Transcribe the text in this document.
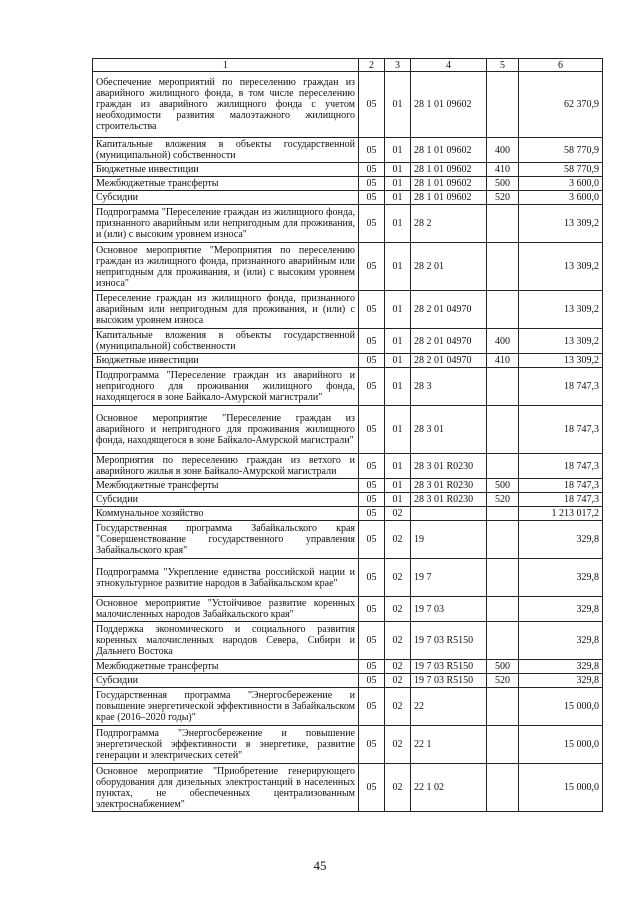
1	2	3	4	5	6
Обеспечение мероприятий по переселению граждан из аварийного жилищного фонда, в том числе переселению граждан из аварийного жилищного фонда с учетом необходимости развития малоэтажного жилищного строительства	05	01	28 1 01 09602		62 370,9
Капитальные вложения в объекты государственной (муниципальной) собственности	05	01	28 1 01 09602	400	58 770,9
Бюджетные инвестиции	05	01	28 1 01 09602	410	58 770,9
Межбюджетные трансферты	05	01	28 1 01 09602	500	3 600,0
Субсидии	05	01	28 1 01 09602	520	3 600,0
Подпрограмма "Переселение граждан из жилищного фонда, признанного аварийным или непригодным для проживания, и (или) с высоким уровнем износа"	05	01	28 2		13 309,2
Основное мероприятие "Мероприятия по переселению граждан из жилищного фонда, признанного аварийным или непригодным для проживания, и (или) с высоким уровнем износа"	05	01	28 2 01		13 309,2
Переселение граждан из жилищного фонда, признанного аварийным или непригодным для проживания, и (или) с высоким уровнем износа	05	01	28 2 01 04970		13 309,2
Капитальные вложения в объекты государственной (муниципальной) собственности	05	01	28 2 01 04970	400	13 309,2
Бюджетные инвестиции	05	01	28 2 01 04970	410	13 309,2
Подпрограмма "Переселение граждан из аварийного и непригодного для проживания жилищного фонда, находящегося в зоне Байкало-Амурской магистрали"	05	01	28 3		18 747,3
Основное мероприятие "Переселение граждан из аварийного и непригодного для проживания жилищного фонда, находящегося в зоне Байкало-Амурской магистрали"	05	01	28 3 01		18 747,3
Мероприятия по переселению граждан из ветхого и аварийного жилья в зоне Байкало-Амурской магистрали	05	01	28 3 01 R0230		18 747,3
Межбюджетные трансферты	05	01	28 3 01 R0230	500	18 747,3
Субсидии	05	01	28 3 01 R0230	520	18 747,3
Коммунальное хозяйство	05	02			1 213 017,2
Государственная программа Забайкальского края "Совершенствование государственного управления Забайкальского края"	05	02	19		329,8
Подпрограмма "Укрепление единства российской нации и этнокультурное развитие народов в Забайкальском крае"	05	02	19 7		329,8
Основное мероприятие "Устойчивое развитие коренных малочисленных народов Забайкальского края"	05	02	19 7 03		329,8
Поддержка экономического и социального развития коренных малочисленных народов Севера, Сибири и Дальнего Востока	05	02	19 7 03 R5150		329,8
Межбюджетные трансферты	05	02	19 7 03 R5150	500	329,8
Субсидии	05	02	19 7 03 R5150	520	329,8
Государственная программа "Энергосбережение и повышение энергетической эффективности в Забайкальском крае (2016–2020 годы)"	05	02	22		15 000,0
Подпрограмма "Энергосбережение и повышение энергетической эффективности в энергетике, развитие генерации и электрических сетей"	05	02	22 1		15 000,0
Основное мероприятие "Приобретение генерирующего оборудования для дизельных электростанций в населенных пунктах, не обеспеченных централизованным электроснабжением"	05	02	22 1 02		15 000,0
45
